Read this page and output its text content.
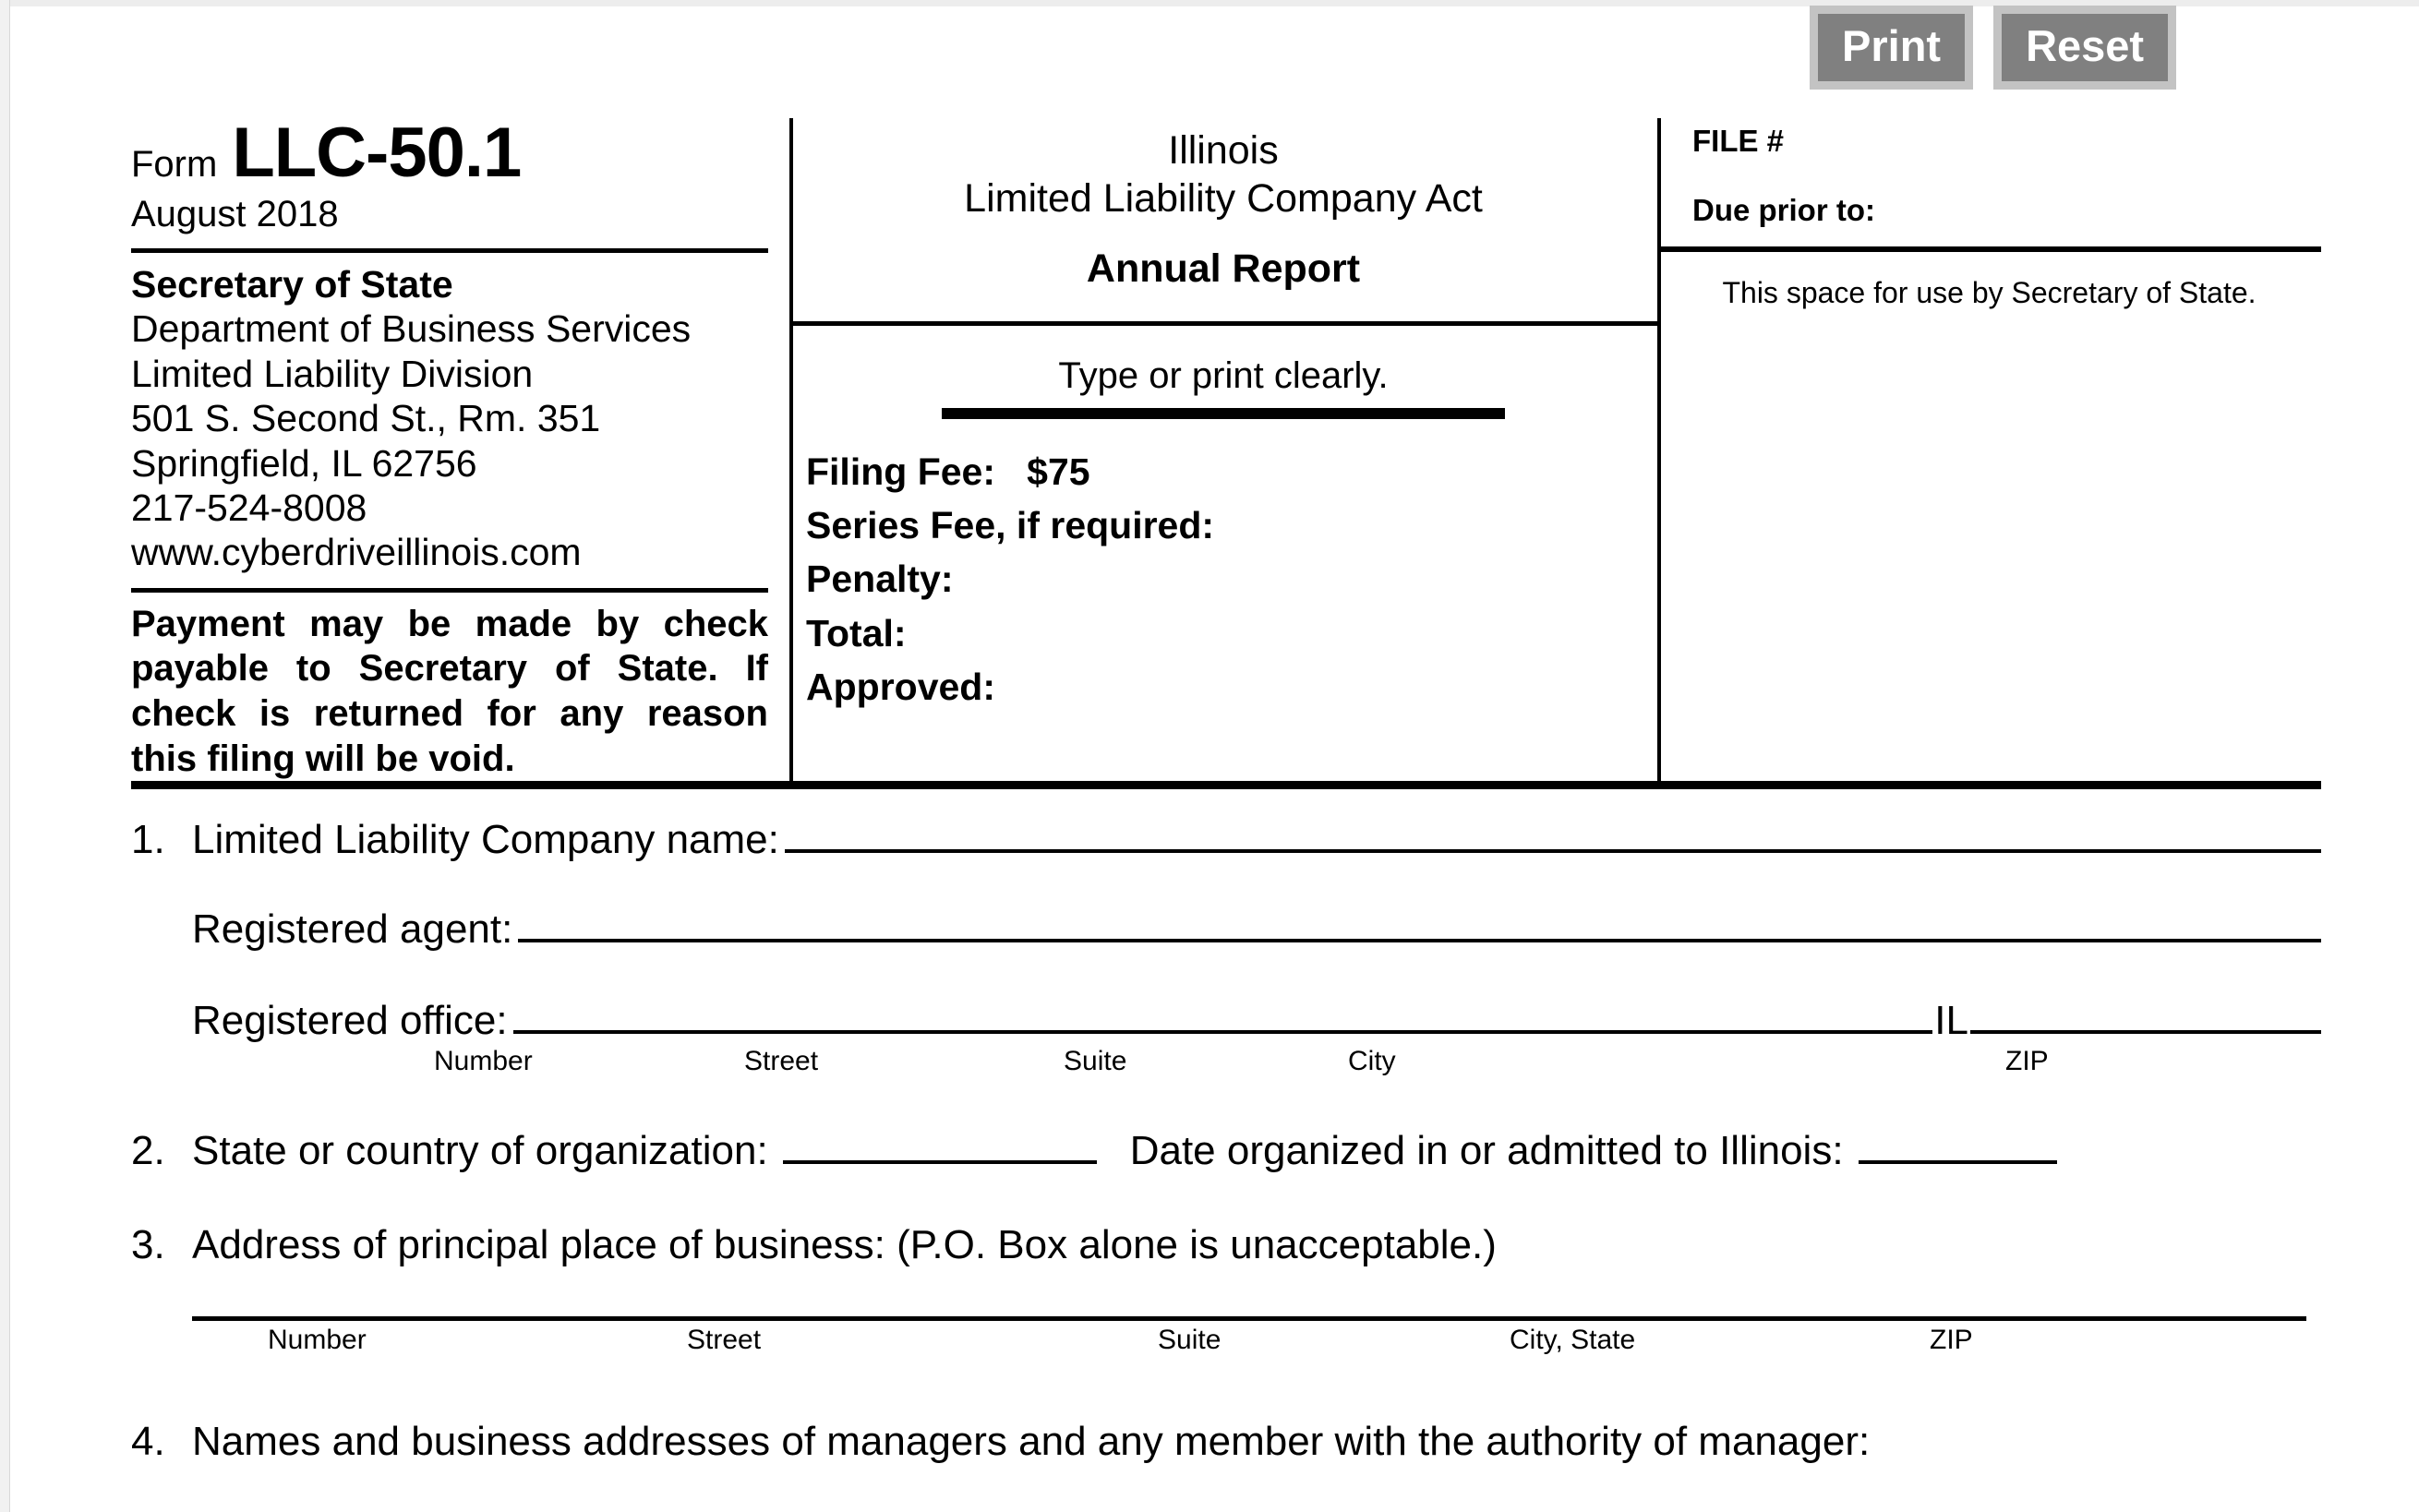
Print	Reset
Form LLC-50.1
August 2018
Secretary of State
Department of Business Services
Limited Liability Division
501 S. Second St., Rm. 351
Springfield, IL 62756
217-524-8008
www.cyberdriveillinois.com
Payment may be made by check payable to Secretary of State. If check is returned for any reason this filing will be void.
Illinois
Limited Liability Company Act
Annual Report
Type or print clearly.
Filing Fee:   $75
Series Fee, if required:
Penalty:
Total:
Approved:
FILE #
Due prior to:
This space for use by Secretary of State.
1. Limited Liability Company name:
Registered agent:
Registered office:	IL
Number	Street	Suite	City	ZIP
2. State or country of organization:	Date organized in or admitted to Illinois:
3. Address of principal place of business: (P.O. Box alone is unacceptable.)
Number	Street	Suite	City, State	ZIP
4. Names and business addresses of managers and any member with the authority of manager:
